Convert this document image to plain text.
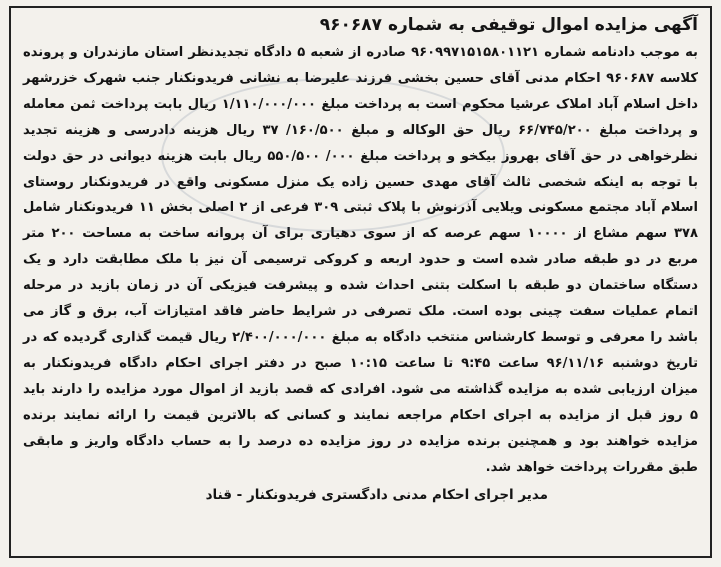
آگهی مزایده اموال توقیفی به شماره ۹۶۰۶۸۷

به موجب دادنامه شماره ۹۶۰۹۹۷۱۵۱۵۸۰۱۱۲۱ صادره از شعبه ۵ دادگاه تجدیدنظر استان مازندران و پرونده کلاسه ۹۶۰۶۸۷ احکام مدنی آقای حسین بخشی فرزند علیرضا به نشانی فریدونکنار جنب شهرک خزرشهر داخل اسلام آباد املاک عرشیا محکوم است به پرداخت مبلغ ۱/۱۱۰/۰۰۰/۰۰۰ ریال بابت پرداخت ثمن معامله و پرداخت مبلغ ۶۶/۷۴۵/۲۰۰ ریال حق الوکاله و مبلغ ۱۶۰/۵۰۰/ ۳۷ ریال هزینه دادرسی و هزینه تجدید نظرخواهی در حق آقای بهروز بیکخو و پرداخت مبلغ ۰۰۰/ ۵۵۰/۵۰۰ ریال بابت هزینه دیوانی در حق دولت با توجه به اینکه شخصی ثالث آقای مهدی حسین زاده یک منزل مسکونی واقع در فریدونکنار روستای اسلام آباد مجتمع مسکونی ویلایی آذرنوش با پلاک ثبتی ۳۰۹ فرعی از ۲ اصلی بخش ۱۱ فریدونکنار شامل ۳۷۸ سهم مشاع از ۱۰۰۰۰ سهم عرصه که از سوی دهیاری برای آن پروانه ساخت به مساحت ۲۰۰ متر مربع در دو طبقه صادر شده است و حدود اربعه و کروکی ترسیمی آن نیز با ملک مطابقت دارد و یک دستگاه ساختمان دو طبقه با اسکلت بتنی احداث شده و پیشرفت فیزیکی آن در زمان بازید در مرحله اتمام عملیات سفت چینی بوده است. ملک تصرفی در شرایط حاضر فاقد امتیازات آب، برق و گاز می باشد را معرفی و توسط کارشناس منتخب دادگاه به مبلغ ۲/۴۰۰/۰۰۰/۰۰۰ ریال قیمت گذاری گردیده که در تاریخ دوشنبه ۹۶/۱۱/۱۶ ساعت ۹:۴۵ تا ساعت ۱۰:۱۵ صبح در دفتر اجرای احکام دادگاه فریدونکنار به میزان ارزیابی شده به مزایده گذاشته می شود. افرادی که قصد بازید از اموال مورد مزایده را دارند باید ۵ روز قبل از مزایده به اجرای احکام مراجعه نمایند و کسانی که بالاترین قیمت را ارائه نمایند برنده مزایده خواهند بود و همچنین برنده مزایده در روز مزایده ده درصد را به حساب دادگاه واریز و مابقی طبق مقررات پرداخت خواهد شد.

مدیر اجرای احکام مدنی دادگستری فریدونکنار - قناد
